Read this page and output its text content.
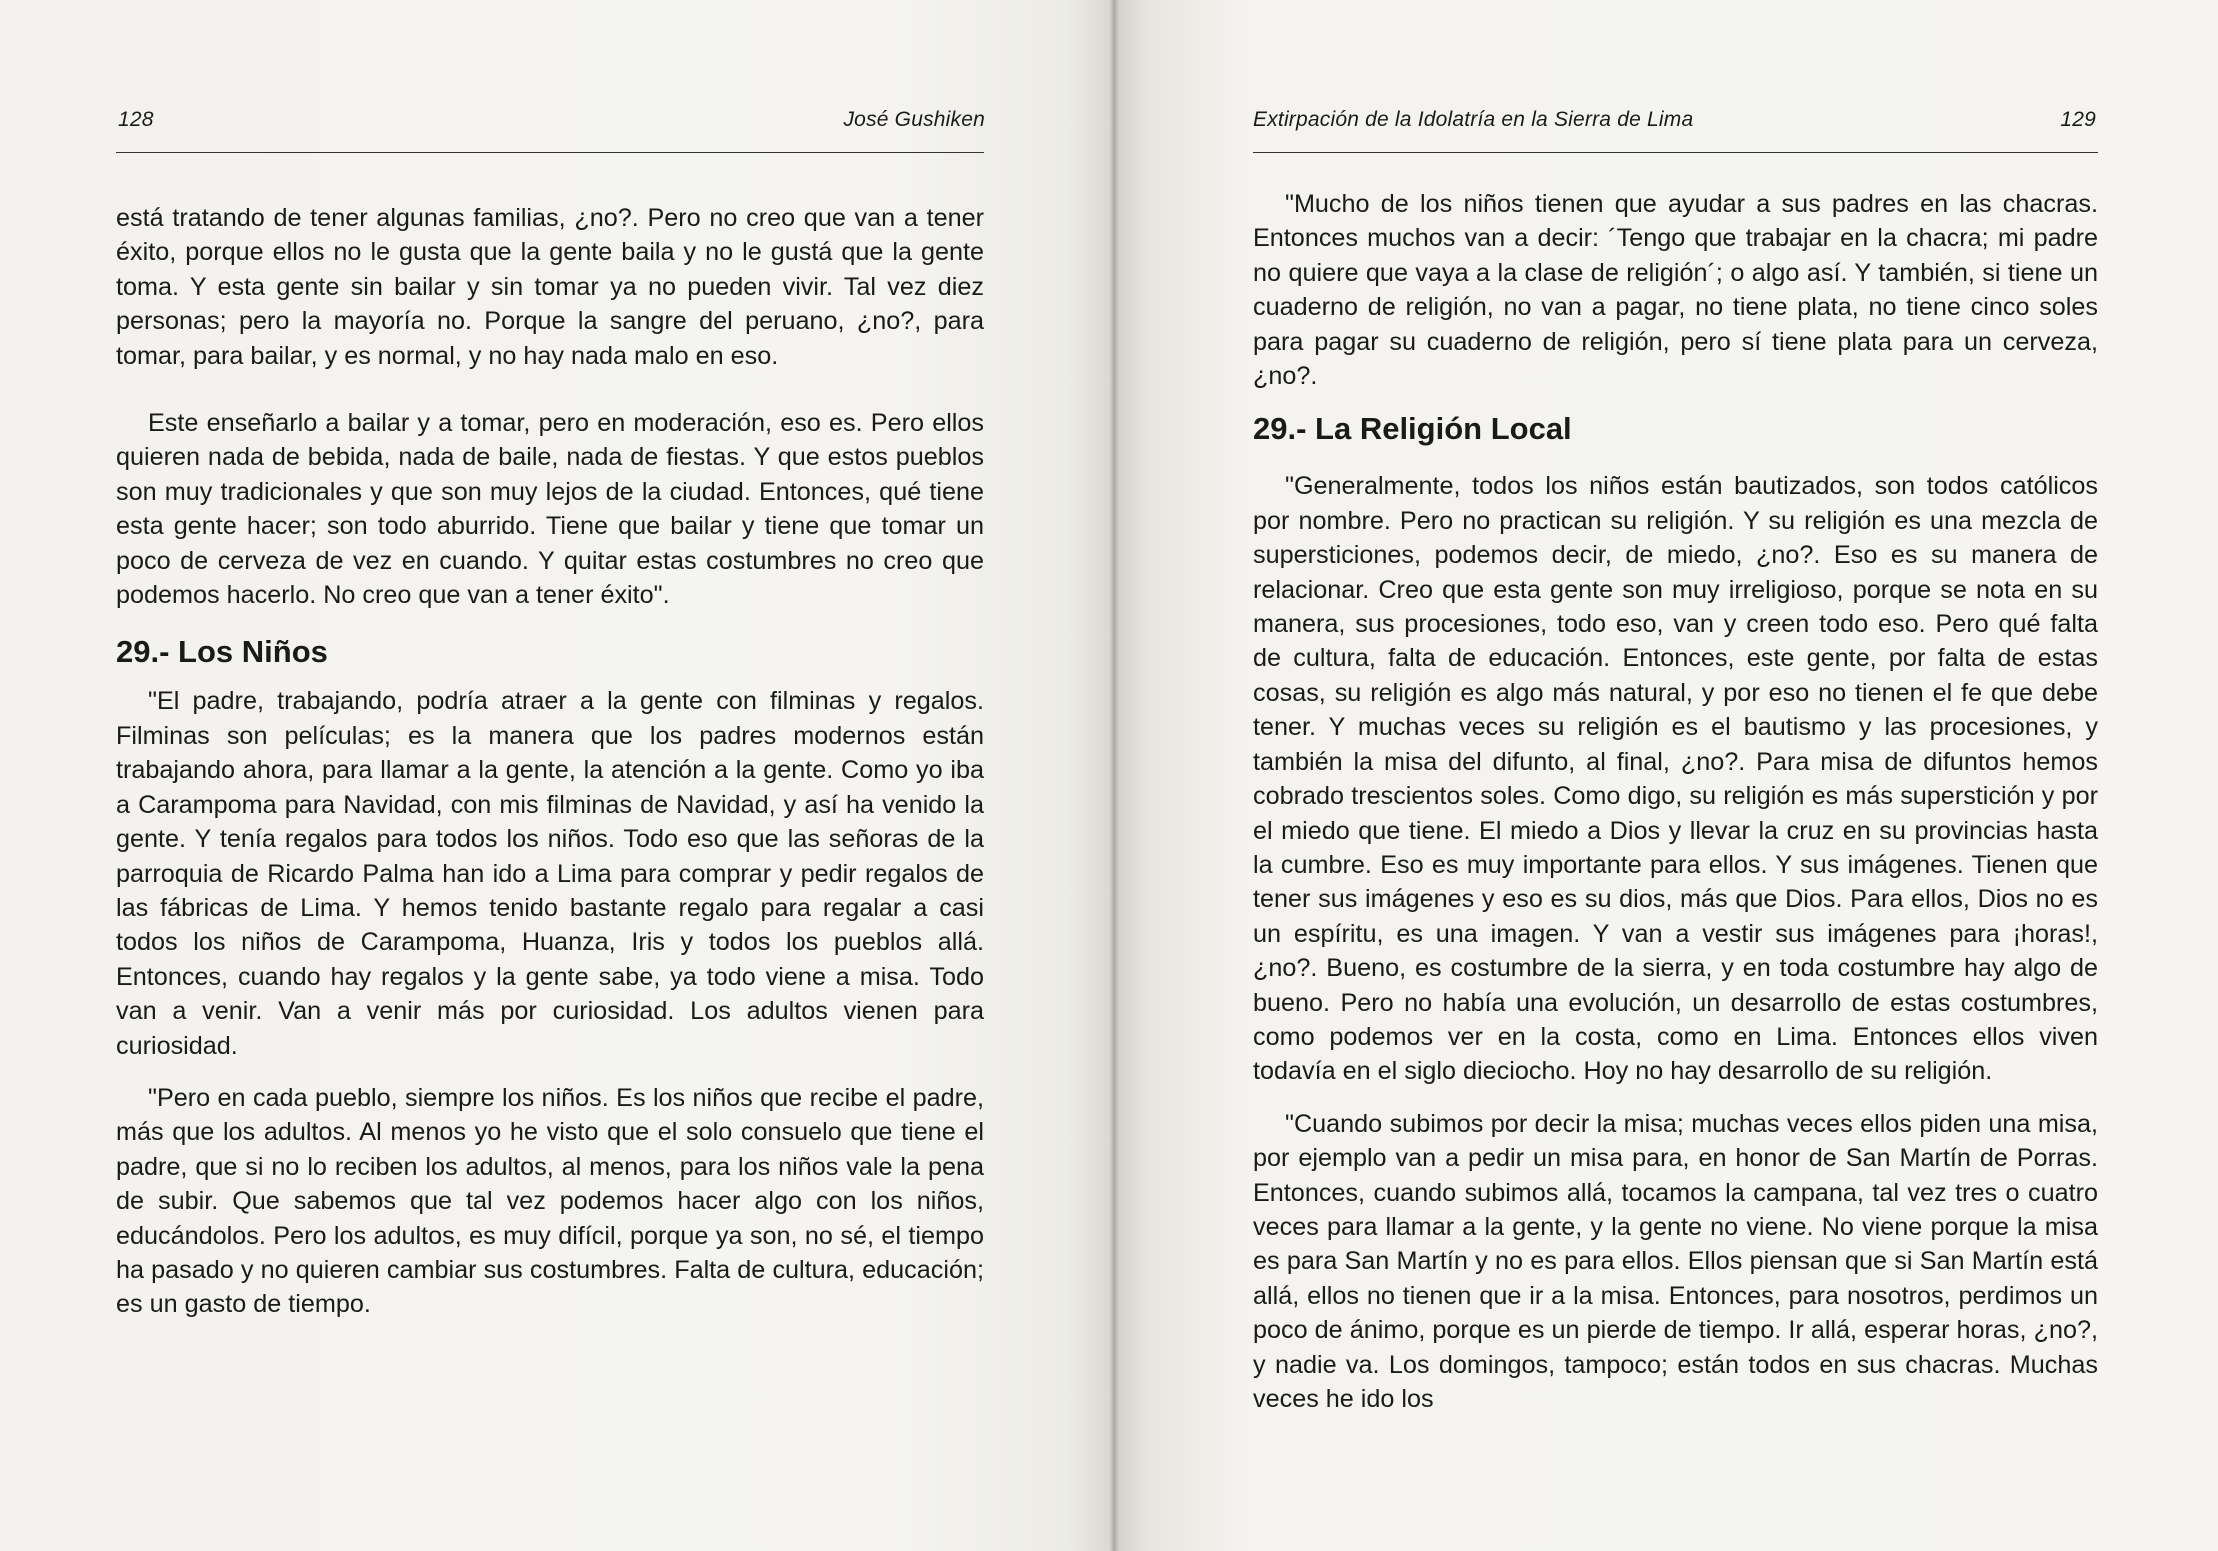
128	José Gushiken

está tratando de tener algunas familias, ¿no?. Pero no creo que van a tener éxito, porque ellos no le gusta que la gente baila y no le gustá que la gente toma. Y esta gente sin bailar y sin tomar ya no pueden vivir. Tal vez diez personas; pero la mayoría no. Porque la sangre del peruano, ¿no?, para tomar, para bailar, y es normal, y no hay nada malo en eso.

Este enseñarlo a bailar y a tomar, pero en moderación, eso es. Pero ellos quieren nada de bebida, nada de baile, nada de fiestas. Y que estos pueblos son muy tradicionales y que son muy lejos de la ciudad. Entonces, qué tiene esta gente hacer; son todo aburrido. Tiene que bailar y tiene que tomar un poco de cerveza de vez en cuando. Y quitar estas costumbres no creo que podemos hacerlo. No creo que van a tener éxito".

29.- Los Niños

"El padre, trabajando, podría atraer a la gente con filminas y regalos. Filminas son películas; es la manera que los padres modernos están trabajando ahora, para llamar a la gente, la atención a la gente. Como yo iba a Carampoma para Navidad, con mis filminas de Navidad, y así ha venido la gente. Y tenía regalos para todos los niños. Todo eso que las señoras de la parroquia de Ricardo Palma han ido a Lima para comprar y pedir regalos de las fábricas de Lima. Y hemos tenido bastante regalo para regalar a casi todos los niños de Carampoma, Huanza, Iris y todos los pueblos allá. Entonces, cuando hay regalos y la gente sabe, ya todo viene a misa. Todo van a venir. Van a venir más por curiosidad. Los adultos vienen para curiosidad.

"Pero en cada pueblo, siempre los niños. Es los niños que recibe el padre, más que los adultos. Al menos yo he visto que el solo consuelo que tiene el padre, que si no lo reciben los adultos, al menos, para los niños vale la pena de subir. Que sabemos que tal vez podemos hacer algo con los niños, educándolos. Pero los adultos, es muy difícil, porque ya son, no sé, el tiempo ha pasado y no quieren cambiar sus costumbres. Falta de cultura, educación; es un gasto de tiempo.

Extirpación de la Idolatría en la Sierra de Lima	129

"Mucho de los niños tienen que ayudar a sus padres en las chacras. Entonces muchos van a decir: ´Tengo que trabajar en la chacra; mi padre no quiere que vaya a la clase de religión´; o algo así. Y también, si tiene un cuaderno de religión, no van a pagar, no tiene plata, no tiene cinco soles para pagar su cuaderno de religión, pero sí tiene plata para un cerveza, ¿no?.

29.- La Religión Local

"Generalmente, todos los niños están bautizados, son todos católicos por nombre. Pero no practican su religión. Y su religión es una mezcla de supersticiones, podemos decir, de miedo, ¿no?. Eso es su manera de relacionar. Creo que esta gente son muy irreligioso, porque se nota en su manera, sus procesiones, todo eso, van y creen todo eso. Pero qué falta de cultura, falta de educación. Entonces, este gente, por falta de estas cosas, su religión es algo más natural, y por eso no tienen el fe que debe tener. Y muchas veces su religión es el bautismo y las procesiones, y también la misa del difunto, al final, ¿no?. Para misa de difuntos hemos cobrado trescientos soles. Como digo, su religión es más superstición y por el miedo que tiene. El miedo a Dios y llevar la cruz en su provincias hasta la cumbre. Eso es muy importante para ellos. Y sus imágenes. Tienen que tener sus imágenes y eso es su dios, más que Dios. Para ellos, Dios no es un espíritu, es una imagen. Y van a vestir sus imágenes para ¡horas!, ¿no?. Bueno, es costumbre de la sierra, y en toda costumbre hay algo de bueno. Pero no había una evolución, un desarrollo de estas costumbres, como podemos ver en la costa, como en Lima. Entonces ellos viven todavía en el siglo dieciocho. Hoy no hay desarrollo de su religión.

"Cuando subimos por decir la misa; muchas veces ellos piden una misa, por ejemplo van a pedir un misa para, en honor de San Martín de Porras. Entonces, cuando subimos allá, tocamos la campana, tal vez tres o cuatro veces para llamar a la gente, y la gente no viene. No viene porque la misa es para San Martín y no es para ellos. Ellos piensan que si San Martín está allá, ellos no tienen que ir a la misa. Entonces, para nosotros, perdimos un poco de ánimo, porque es un pierde de tiempo. Ir allá, esperar horas, ¿no?, y nadie va. Los domingos, tampoco; están todos en sus chacras. Muchas veces he ido los
